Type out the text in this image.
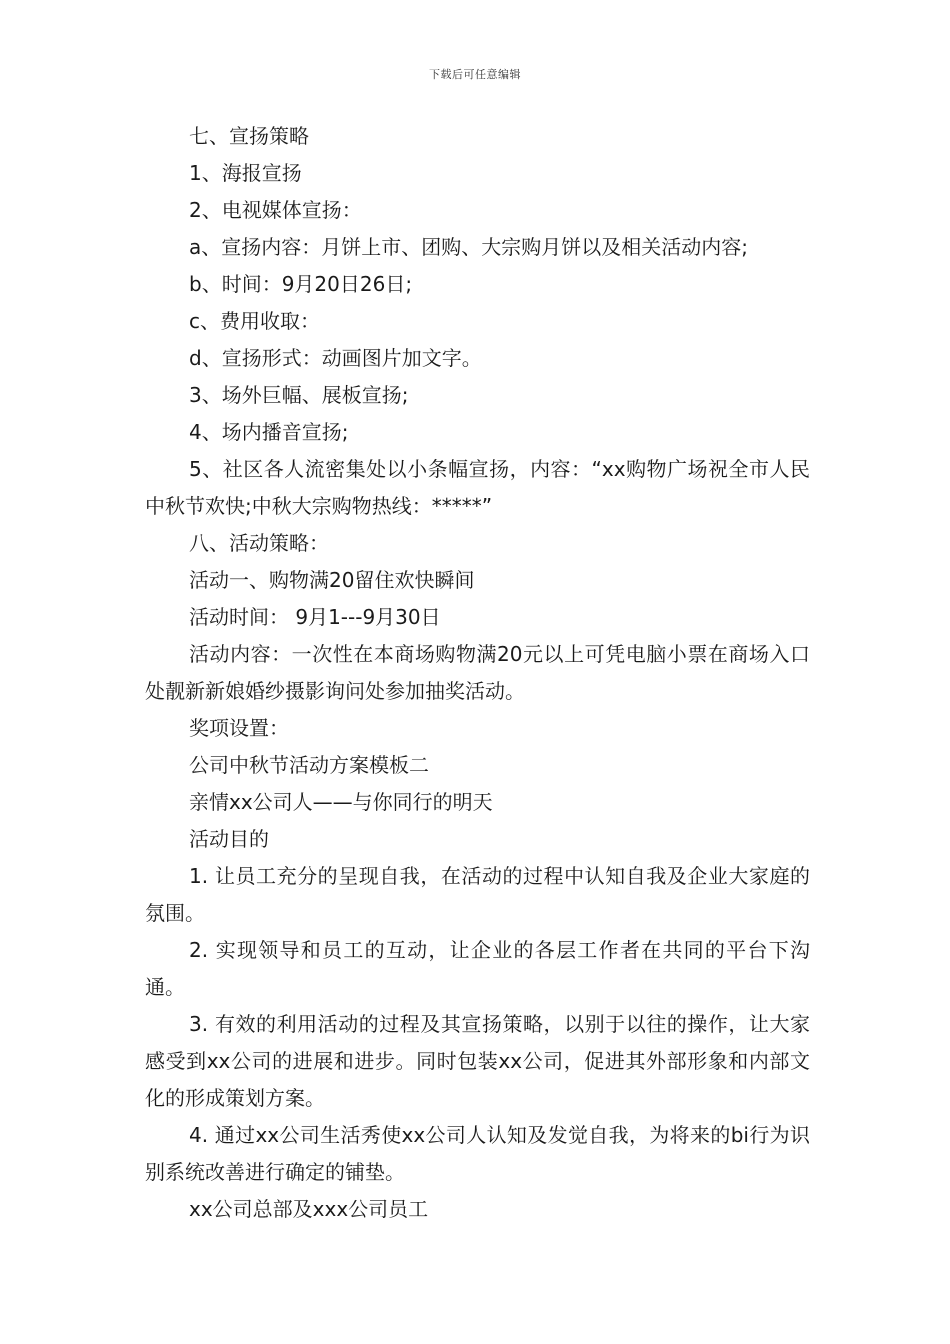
下载后可任意编辑

七、宣扬策略

1、海报宣扬

2、电视媒体宣扬：

a、宣扬内容：月饼上市、团购、大宗购月饼以及相关活动内容;

b、时间：9月20日26日;

c、费用收取：

d、宣扬形式：动画图片加文字。

3、场外巨幅、展板宣扬;

4、场内播音宣扬;

5、社区各人流密集处以小条幅宣扬，内容：“xx购物广场祝全市人民中秋节欢快;中秋大宗购物热线：*****”

八、活动策略：

活动一、购物满20留住欢快瞬间

活动时间： 9月1---9月30日

活动内容：一次性在本商场购物满20元以上可凭电脑小票在商场入口处靓新新娘婚纱摄影询问处参加抽奖活动。

奖项设置：

公司中秋节活动方案模板二

亲情xx公司人——与你同行的明天

活动目的

1. 让员工充分的呈现自我，在活动的过程中认知自我及企业大家庭的氛围。

2. 实现领导和员工的互动，让企业的各层工作者在共同的平台下沟通。

3. 有效的利用活动的过程及其宣扬策略，以别于以往的操作，让大家感受到xx公司的进展和进步。同时包装xx公司，促进其外部形象和内部文化的形成策划方案。

4. 通过xx公司生活秀使xx公司人认知及发觉自我，为将来的bi行为识别系统改善进行确定的铺垫。

xx公司总部及xxx公司员工
